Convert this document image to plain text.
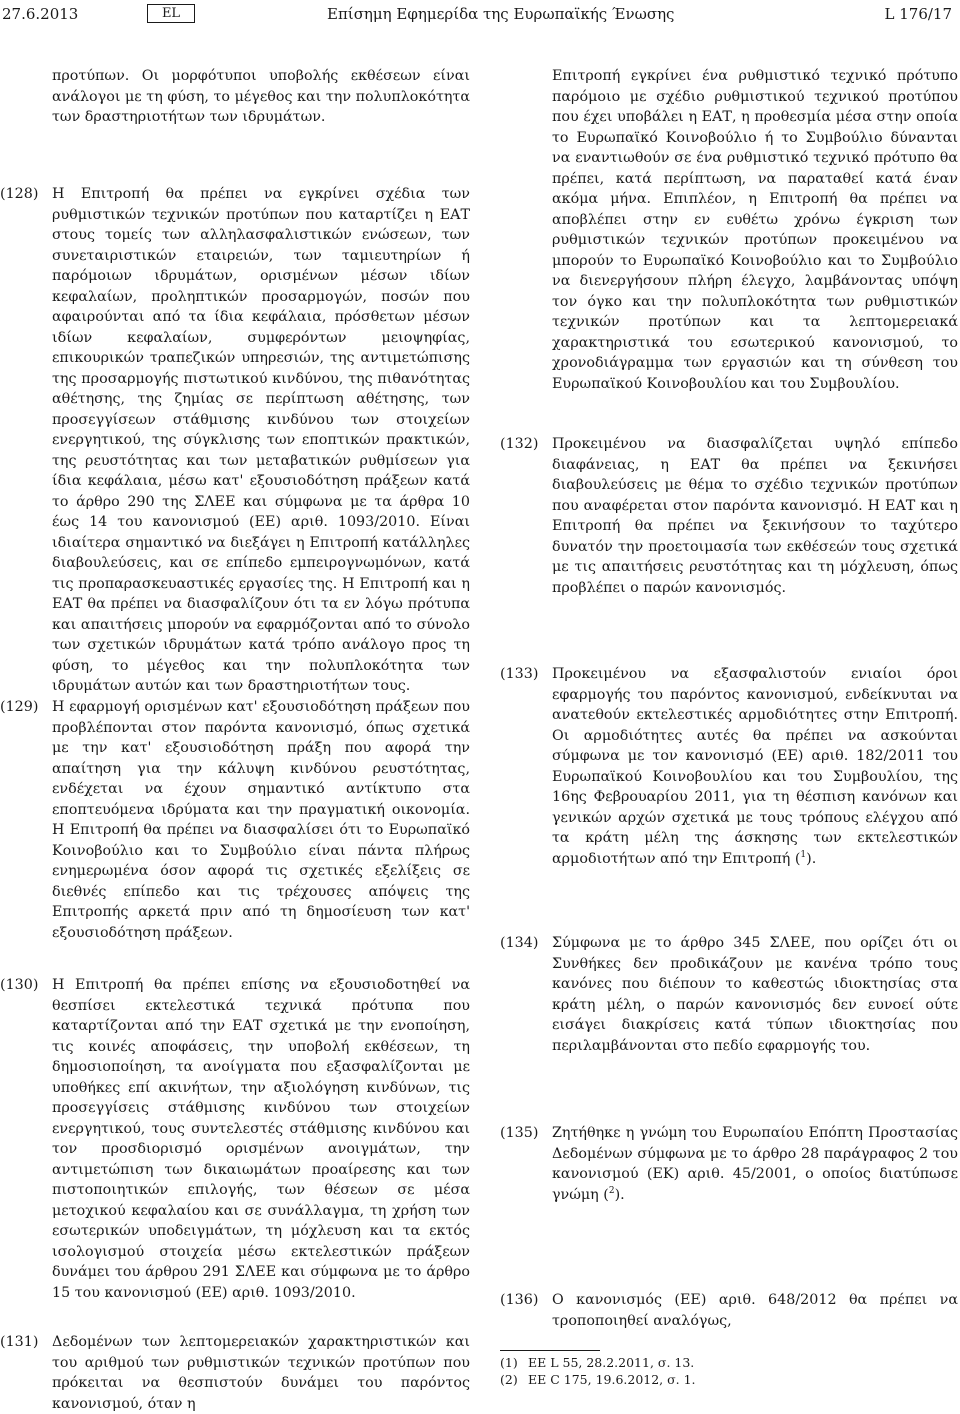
27.6.2013	EL	Επίσημη Εφημερίδα της Ευρωπαϊκής Ένωσης	L 176/17
προτύπων. Οι μορφότυποι υποβολής εκθέσεων είναι ανάλογοι με τη φύση, το μέγεθος και την πολυπλοκότητα των δραστηριοτήτων των ιδρυμάτων.
(128) Η Επιτροπή θα πρέπει να εγκρίνει σχέδια των ρυθμιστικών τεχνικών προτύπων που καταρτίζει η ΕΑΤ στους τομείς των αλληλασφαλιστικών ενώσεων, των συνεταιριστικών εταιρειών, των ταμιευτηρίων ή παρόμοιων ιδρυμάτων, ορισμένων μέσων ιδίων κεφαλαίων, προληπτικών προσαρμογών, ποσών που αφαιρούνται από τα ίδια κεφάλαια, πρόσθετων μέσων ιδίων κεφαλαίων, συμφερόντων μειοψηφίας, επικουρικών τραπεζικών υπηρεσιών, της αντιμετώπισης της προσαρμογής πιστωτικού κινδύνου, της πιθανότητας αθέτησης, της ζημίας σε περίπτωση αθέτησης, των προσεγγίσεων στάθμισης κινδύνου των στοιχείων ενεργητικού, της σύγκλισης των εποπτικών πρακτικών, της ρευστότητας και των μεταβατικών ρυθμίσεων για ίδια κεφάλαια, μέσω κατ' εξουσιοδότηση πράξεων κατά το άρθρο 290 της ΣΛΕΕ και σύμφωνα με τα άρθρα 10 έως 14 του κανονισμού (ΕΕ) αριθ. 1093/2010. Είναι ιδιαίτερα σημαντικό να διεξάγει η Επιτροπή κατάλληλες διαβουλεύσεις, και σε επίπεδο εμπειρογνωμόνων, κατά τις προπαρασκευαστικές εργασίες της. Η Επιτροπή και η ΕΑΤ θα πρέπει να διασφαλίζουν ότι τα εν λόγω πρότυπα και απαιτήσεις μπορούν να εφαρμόζονται από το σύνολο των σχετικών ιδρυμάτων κατά τρόπο ανάλογο προς τη φύση, το μέγεθος και την πολυπλοκότητα των ιδρυμάτων αυτών και των δραστηριοτήτων τους.
(129) Η εφαρμογή ορισμένων κατ' εξουσιοδότηση πράξεων που προβλέπονται στον παρόντα κανονισμό, όπως σχετικά με την κατ' εξουσιοδότηση πράξη που αφορά την απαίτηση για την κάλυψη κινδύνου ρευστότητας, ενδέχεται να έχουν σημαντικό αντίκτυπο στα εποπτευόμενα ιδρύματα και την πραγματική οικονομία. Η Επιτροπή θα πρέπει να διασφαλίσει ότι το Ευρωπαϊκό Κοινοβούλιο και το Συμβούλιο είναι πάντα πλήρως ενημερωμένα όσον αφορά τις σχετικές εξελίξεις σε διεθνές επίπεδο και τις τρέχουσες απόψεις της Επιτροπής αρκετά πριν από τη δημοσίευση των κατ' εξουσιοδότηση πράξεων.
(130) Η Επιτροπή θα πρέπει επίσης να εξουσιοδοτηθεί να θεσπίσει εκτελεστικά τεχνικά πρότυπα που καταρτίζονται από την ΕΑΤ σχετικά με την ενοποίηση, τις κοινές αποφάσεις, την υποβολή εκθέσεων, τη δημοσιοποίηση, τα ανοίγματα που εξασφαλίζονται με υποθήκες επί ακινήτων, την αξιολόγηση κινδύνων, τις προσεγγίσεις στάθμισης κινδύνου των στοιχείων ενεργητικού, τους συντελεστές στάθμισης κινδύνου και τον προσδιορισμό ορισμένων ανοιγμάτων, την αντιμετώπιση των δικαιωμάτων προαίρεσης και των πιστοποιητικών επιλογής, των θέσεων σε μέσα μετοχικού κεφαλαίου και σε συνάλλαγμα, τη χρήση των εσωτερικών υποδειγμάτων, τη μόχλευση και τα εκτός ισολογισμού στοιχεία μέσω εκτελεστικών πράξεων δυνάμει του άρθρου 291 ΣΛΕΕ και σύμφωνα με το άρθρο 15 του κανονισμού (ΕΕ) αριθ. 1093/2010.
(131) Δεδομένων των λεπτομερειακών χαρακτηριστικών και του αριθμού των ρυθμιστικών τεχνικών προτύπων που πρόκειται να θεσπιστούν δυνάμει του παρόντος κανονισμού, όταν η
Επιτροπή εγκρίνει ένα ρυθμιστικό τεχνικό πρότυπο παρόμοιο με σχέδιο ρυθμιστικού τεχνικού προτύπου που έχει υποβάλει η ΕΑΤ, η προθεσμία μέσα στην οποία το Ευρωπαϊκό Κοινοβούλιο ή το Συμβούλιο δύνανται να εναντιωθούν σε ένα ρυθμιστικό τεχνικό πρότυπο θα πρέπει, κατά περίπτωση, να παραταθεί κατά έναν ακόμα μήνα. Επιπλέον, η Επιτροπή θα πρέπει να αποβλέπει στην εν ευθέτω χρόνω έγκριση των ρυθμιστικών τεχνικών προτύπων προκειμένου να μπορούν το Ευρωπαϊκό Κοινοβούλιο και το Συμβούλιο να διενεργήσουν πλήρη έλεγχο, λαμβάνοντας υπόψη τον όγκο και την πολυπλοκότητα των ρυθμιστικών τεχνικών προτύπων και τα λεπτομερειακά χαρακτηριστικά του εσωτερικού κανονισμού, το χρονοδιάγραμμα των εργασιών και τη σύνθεση του Ευρωπαϊκού Κοινοβουλίου και του Συμβουλίου.
(132) Προκειμένου να διασφαλίζεται υψηλό επίπεδο διαφάνειας, η ΕΑΤ θα πρέπει να ξεκινήσει διαβουλεύσεις με θέμα το σχέδιο τεχνικών προτύπων που αναφέρεται στον παρόντα κανονισμό. Η ΕΑΤ και η Επιτροπή θα πρέπει να ξεκινήσουν το ταχύτερο δυνατόν την προετοιμασία των εκθέσεών τους σχετικά με τις απαιτήσεις ρευστότητας και τη μόχλευση, όπως προβλέπει ο παρών κανονισμός.
(133) Προκειμένου να εξασφαλιστούν ενιαίοι όροι εφαρμογής του παρόντος κανονισμού, ενδείκνυται να ανατεθούν εκτελεστικές αρμοδιότητες στην Επιτροπή. Οι αρμοδιότητες αυτές θα πρέπει να ασκούνται σύμφωνα με τον κανονισμό (ΕΕ) αριθ. 182/2011 του Ευρωπαϊκού Κοινοβουλίου και του Συμβουλίου, της 16ης Φεβρουαρίου 2011, για τη θέσπιση κανόνων και γενικών αρχών σχετικά με τους τρόπους ελέγχου από τα κράτη μέλη της άσκησης των εκτελεστικών αρμοδιοτήτων από την Επιτροπή ($^1$).
(134) Σύμφωνα με το άρθρο 345 ΣΛΕΕ, που ορίζει ότι οι Συνθήκες δεν προδικάζουν με κανένα τρόπο τους κανόνες που διέπουν το καθεστώς ιδιοκτησίας στα κράτη μέλη, ο παρών κανονισμός δεν ευνοεί ούτε εισάγει διακρίσεις κατά τύπων ιδιοκτησίας που περιλαμβάνονται στο πεδίο εφαρμογής του.
(135) Ζητήθηκε η γνώμη του Ευρωπαίου Επόπτη Προστασίας Δεδομένων σύμφωνα με το άρθρο 28 παράγραφος 2 του κανονισμού (ΕΚ) αριθ. 45/2001, ο οποίος διατύπωσε γνώμη ($^2$).
(136) Ο κανονισμός (ΕΕ) αριθ. 648/2012 θα πρέπει να τροποποιηθεί αναλόγως,
(1) ΕΕ L 55, 28.2.2011, σ. 13.
(2) ΕΕ C 175, 19.6.2012, σ. 1.
